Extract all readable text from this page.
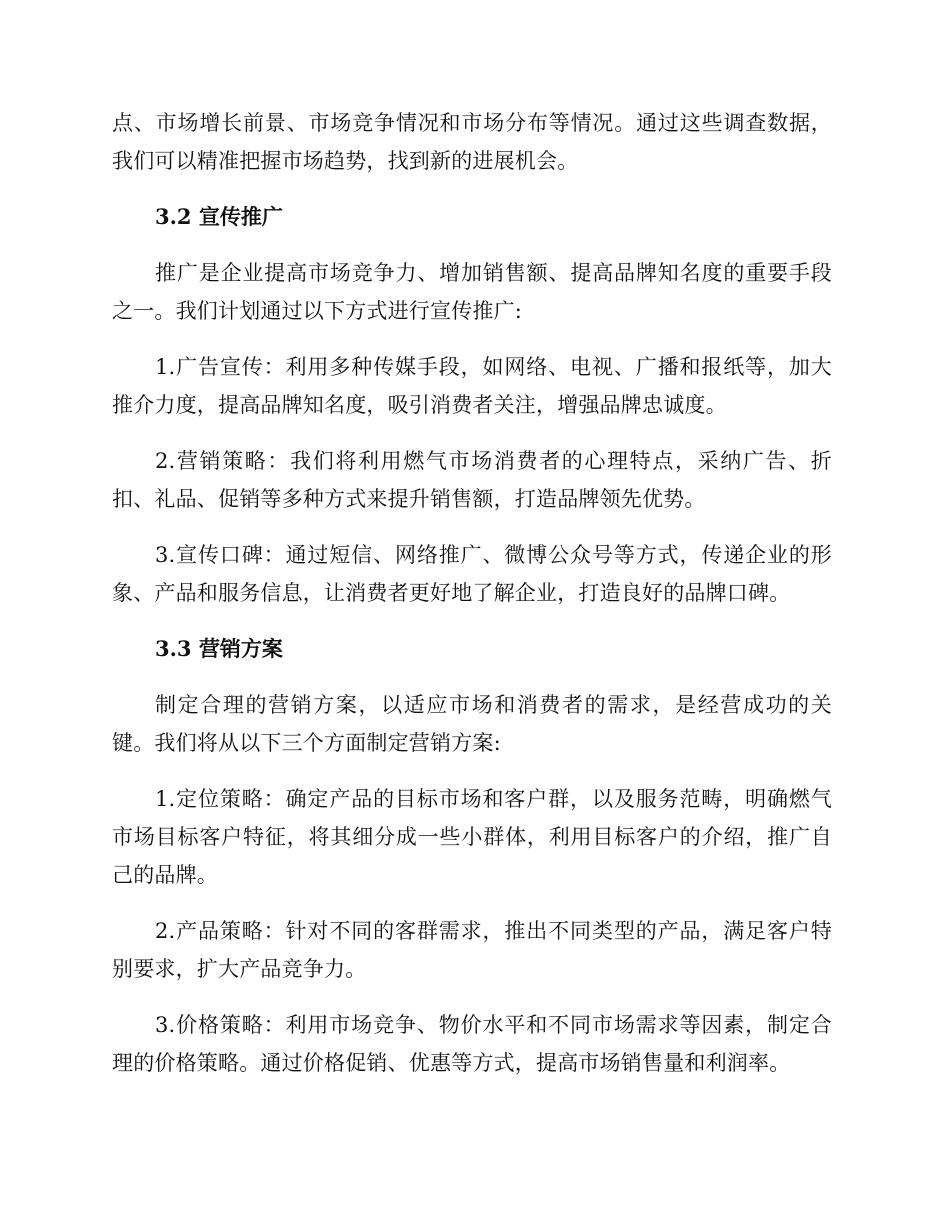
点、市场增长前景、市场竞争情况和市场分布等情况。通过这些调查数据，我们可以精准把握市场趋势，找到新的进展机会。

3.2 宣传推广

推广是企业提高市场竞争力、增加销售额、提高品牌知名度的重要手段之一。我们计划通过以下方式进行宣传推广:

1.广告宣传：利用多种传媒手段，如网络、电视、广播和报纸等，加大推介力度，提高品牌知名度，吸引消费者关注，增强品牌忠诚度。

2.营销策略：我们将利用燃气市场消费者的心理特点，采纳广告、折扣、礼品、促销等多种方式来提升销售额，打造品牌领先优势。

3.宣传口碑：通过短信、网络推广、微博公众号等方式，传递企业的形象、产品和服务信息，让消费者更好地了解企业，打造良好的品牌口碑。

3.3 营销方案

制定合理的营销方案，以适应市场和消费者的需求，是经营成功的关键。我们将从以下三个方面制定营销方案:

1.定位策略：确定产品的目标市场和客户群，以及服务范畴，明确燃气市场目标客户特征，将其细分成一些小群体，利用目标客户的介绍，推广自己的品牌。

2.产品策略：针对不同的客群需求，推出不同类型的产品，满足客户特别要求，扩大产品竞争力。

3.价格策略：利用市场竞争、物价水平和不同市场需求等因素，制定合理的价格策略。通过价格促销、优惠等方式，提高市场销售量和利润率。
